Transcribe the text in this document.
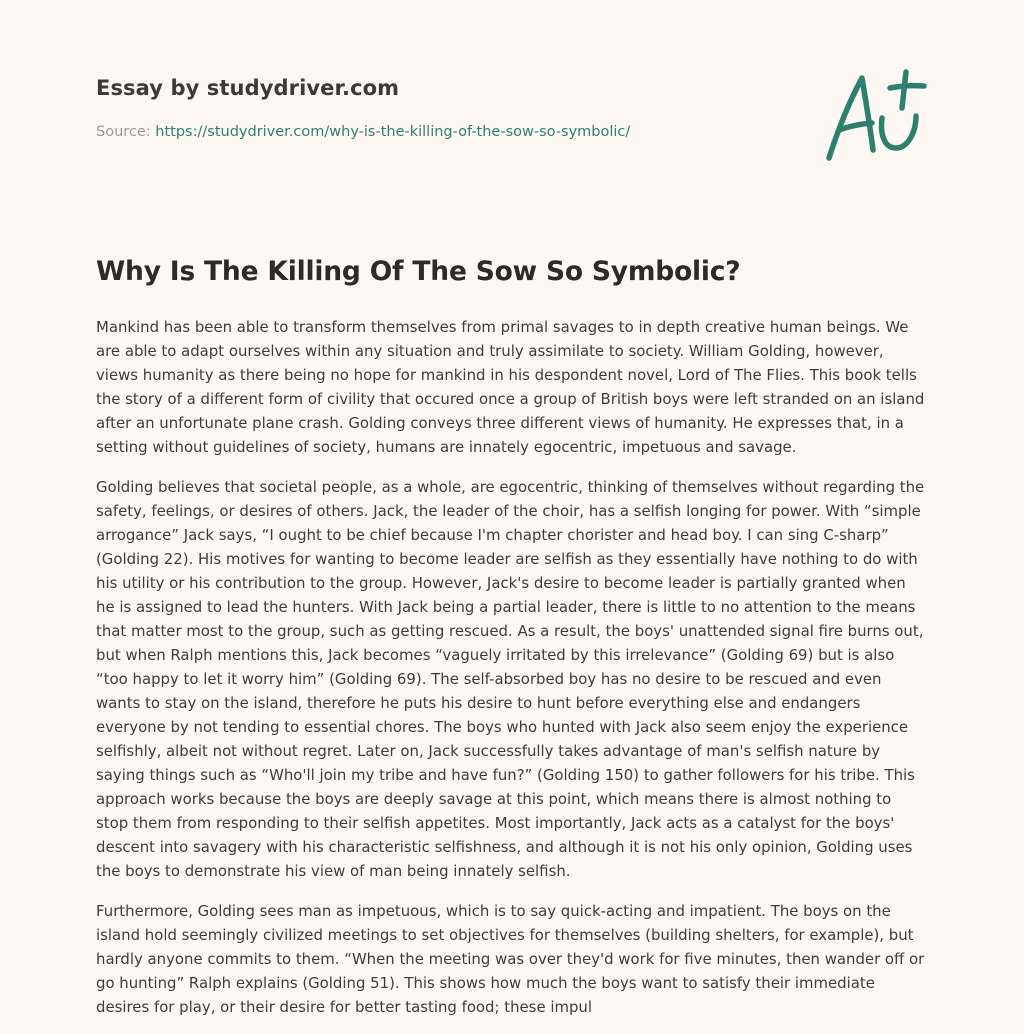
Essay by studydriver.com
Source: https://studydriver.com/why-is-the-killing-of-the-sow-so-symbolic/
Why Is The Killing Of The Sow So Symbolic?

Mankind has been able to transform themselves from primal savages to in depth creative human beings. We are able to adapt ourselves within any situation and truly assimilate to society. William Golding, however, views humanity as there being no hope for mankind in his despondent novel, Lord of The Flies. This book tells the story of a different form of civility that occured once a group of British boys were left stranded on an island after an unfortunate plane crash. Golding conveys three different views of humanity. He expresses that, in a setting without guidelines of society, humans are innately egocentric, impetuous and savage.

Golding believes that societal people, as a whole, are egocentric, thinking of themselves without regarding the safety, feelings, or desires of others. Jack, the leader of the choir, has a selfish longing for power. With “simple arrogance” Jack says, “I ought to be chief because I'm chapter chorister and head boy. I can sing C-sharp” (Golding 22). His motives for wanting to become leader are selfish as they essentially have nothing to do with his utility or his contribution to the group. However, Jack's desire to become leader is partially granted when he is assigned to lead the hunters. With Jack being a partial leader, there is little to no attention to the means that matter most to the group, such as getting rescued. As a result, the boys' unattended signal fire burns out, but when Ralph mentions this, Jack becomes “vaguely irritated by this irrelevance” (Golding 69) but is also “too happy to let it worry him” (Golding 69). The self-absorbed boy has no desire to be rescued and even wants to stay on the island, therefore he puts his desire to hunt before everything else and endangers everyone by not tending to essential chores. The boys who hunted with Jack also seem enjoy the experience selfishly, albeit not without regret. Later on, Jack successfully takes advantage of man's selfish nature by saying things such as “Who'll join my tribe and have fun?” (Golding 150) to gather followers for his tribe. This approach works because the boys are deeply savage at this point, which means there is almost nothing to stop them from responding to their selfish appetites. Most importantly, Jack acts as a catalyst for the boys' descent into savagery with his characteristic selfishness, and although it is not his only opinion, Golding uses the boys to demonstrate his view of man being innately selfish.

Furthermore, Golding sees man as impetuous, which is to say quick-acting and impatient. The boys on the island hold seemingly civilized meetings to set objectives for themselves (building shelters, for example), but hardly anyone commits to them. “When the meeting was over they'd work for five minutes, then wander off or go hunting” Ralph explains (Golding 51). This shows how much the boys want to satisfy their immediate desires for play, or their desire for better tasting food; these impul
